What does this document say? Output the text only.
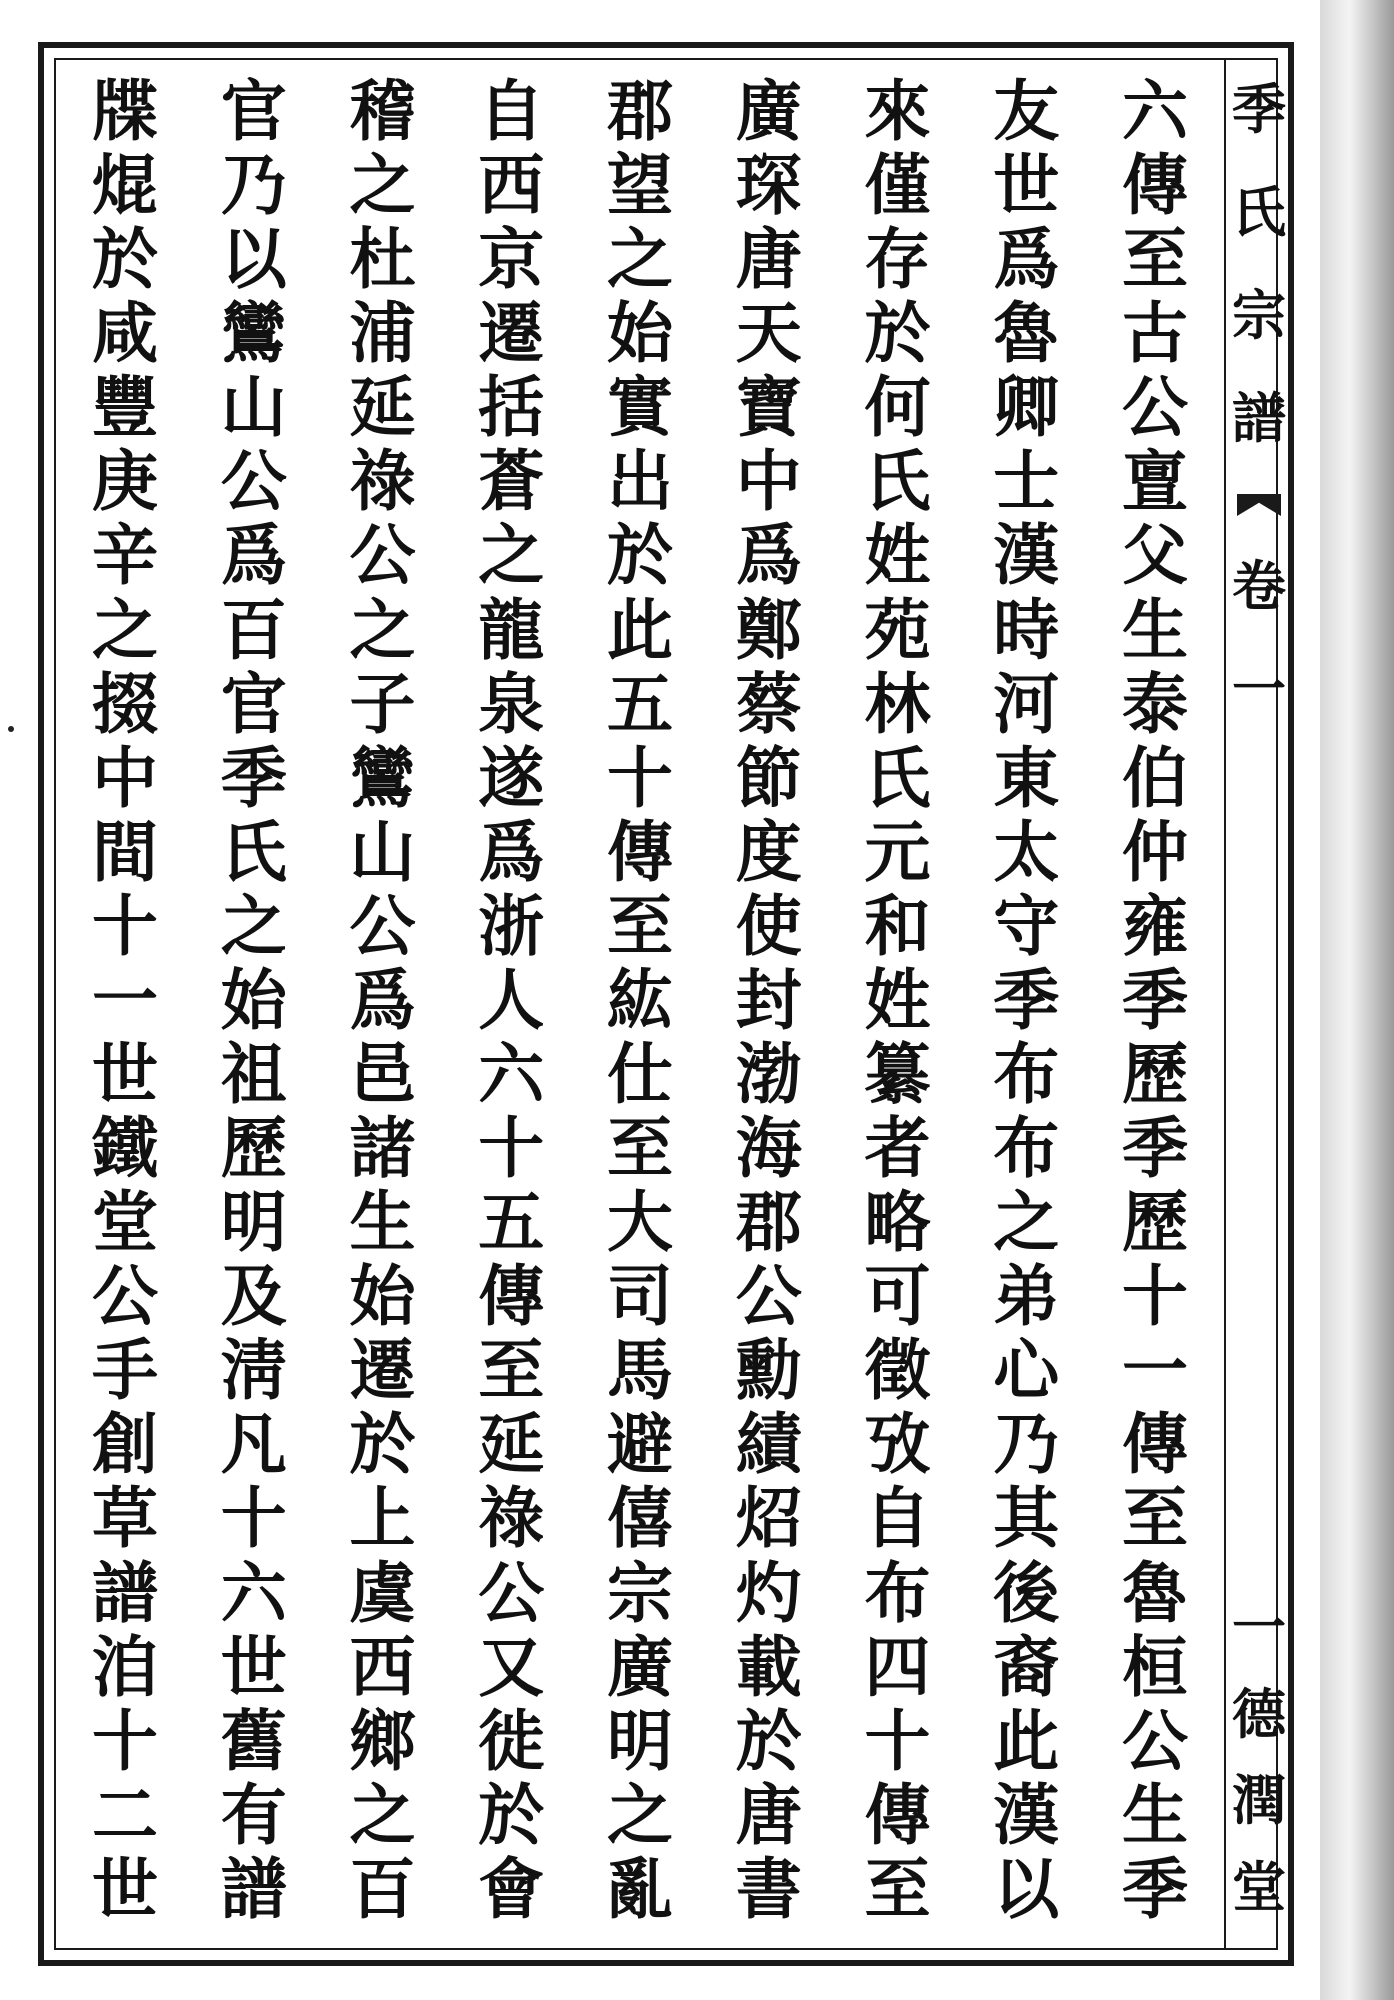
季
氏
宗
譜
卷
一
一
德
潤
堂
六
傳
至
古
公
亶
父
生
泰
伯
仲
雍
季
歷
季
歷
十
一
傳
至
魯
桓
公
生
季
友
世
爲
魯
卿
士
漢
時
河
東
太
守
季
布
布
之
弟
心
乃
其
後
裔
此
漢
以
來
僅
存
於
何
氏
姓
苑
林
氏
元
和
姓
纂
者
略
可
徵
攷
自
布
四
十
傳
至
廣
琛
唐
天
寶
中
爲
鄭
蔡
節
度
使
封
渤
海
郡
公
勳
績
炤
灼
載
於
唐
書
郡
望
之
始
實
出
於
此
五
十
傳
至
紘
仕
至
大
司
馬
避
僖
宗
廣
明
之
亂
自
西
京
遷
括
蒼
之
龍
泉
遂
爲
浙
人
六
十
五
傳
至
延
祿
公
又
徙
於
會
稽
之
杜
浦
延
祿
公
之
子
鸞
山
公
爲
邑
諸
生
始
遷
於
上
虞
西
鄉
之
百
官
乃
以
鸞
山
公
爲
百
官
季
氏
之
始
祖
歷
明
及
淸
凡
十
六
世
舊
有
譜
牒
焜
於
咸
豐
庚
辛
之
掇
中
間
十
一
世
鐵
堂
公
手
創
草
譜
洎
十
二
世
